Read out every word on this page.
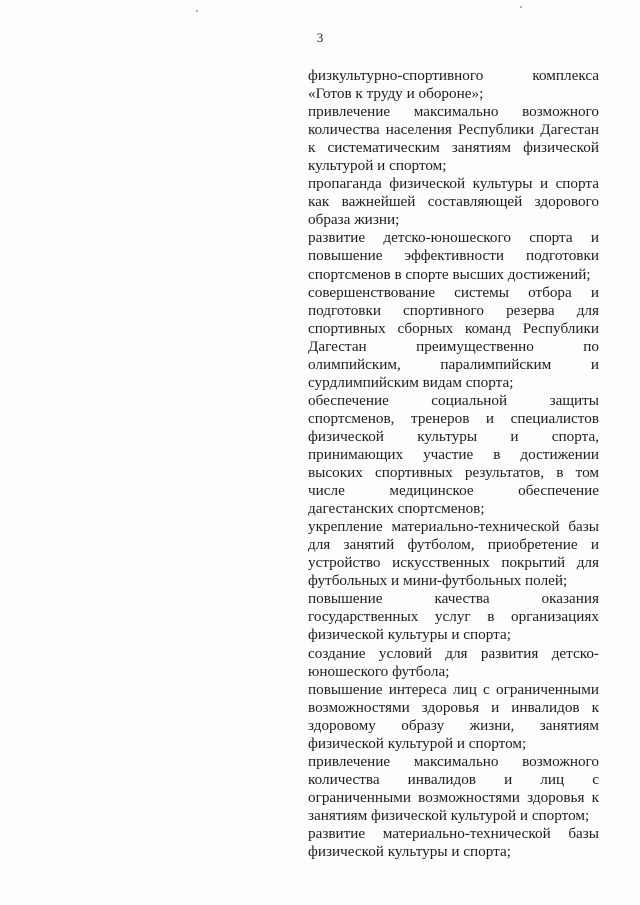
3

физкультурно-спортивного комплекса «Готов к труду и обороне»;

привлечение максимально возможного количества населения Республики Дагестан к систематическим занятиям физической культурой и спортом;

пропаганда физической культуры и спорта как важнейшей составляющей здорового образа жизни;

развитие детско-юношеского спорта и повышение эффективности подготовки спортсменов в спорте высших достижений;

совершенствование системы отбора и подготовки спортивного резерва для спортивных сборных команд Республики Дагестан преимущественно по олимпийским, паралимпийским и сурдлимпийским видам спорта;

обеспечение социальной защиты спортсменов, тренеров и специалистов физической культуры и спорта, принимающих участие в достижении высоких спортивных результатов, в том числе медицинское обеспечение дагестанских спортсменов;

укрепление материально-технической базы для занятий футболом, приобретение и устройство искусственных покрытий для футбольных и мини-футбольных полей;

повышение качества оказания государственных услуг в организациях физической культуры и спорта;

создание условий для развития детско-юношеского футбола;

повышение интереса лиц с ограниченными возможностями здоровья и инвалидов к здоровому образу жизни, занятиям физической культурой и спортом;

привлечение максимально возможного количества инвалидов и лиц с ограниченными возможностями здоровья к занятиям физической культурой и спортом;

развитие материально-технической базы физической культуры и спорта;
